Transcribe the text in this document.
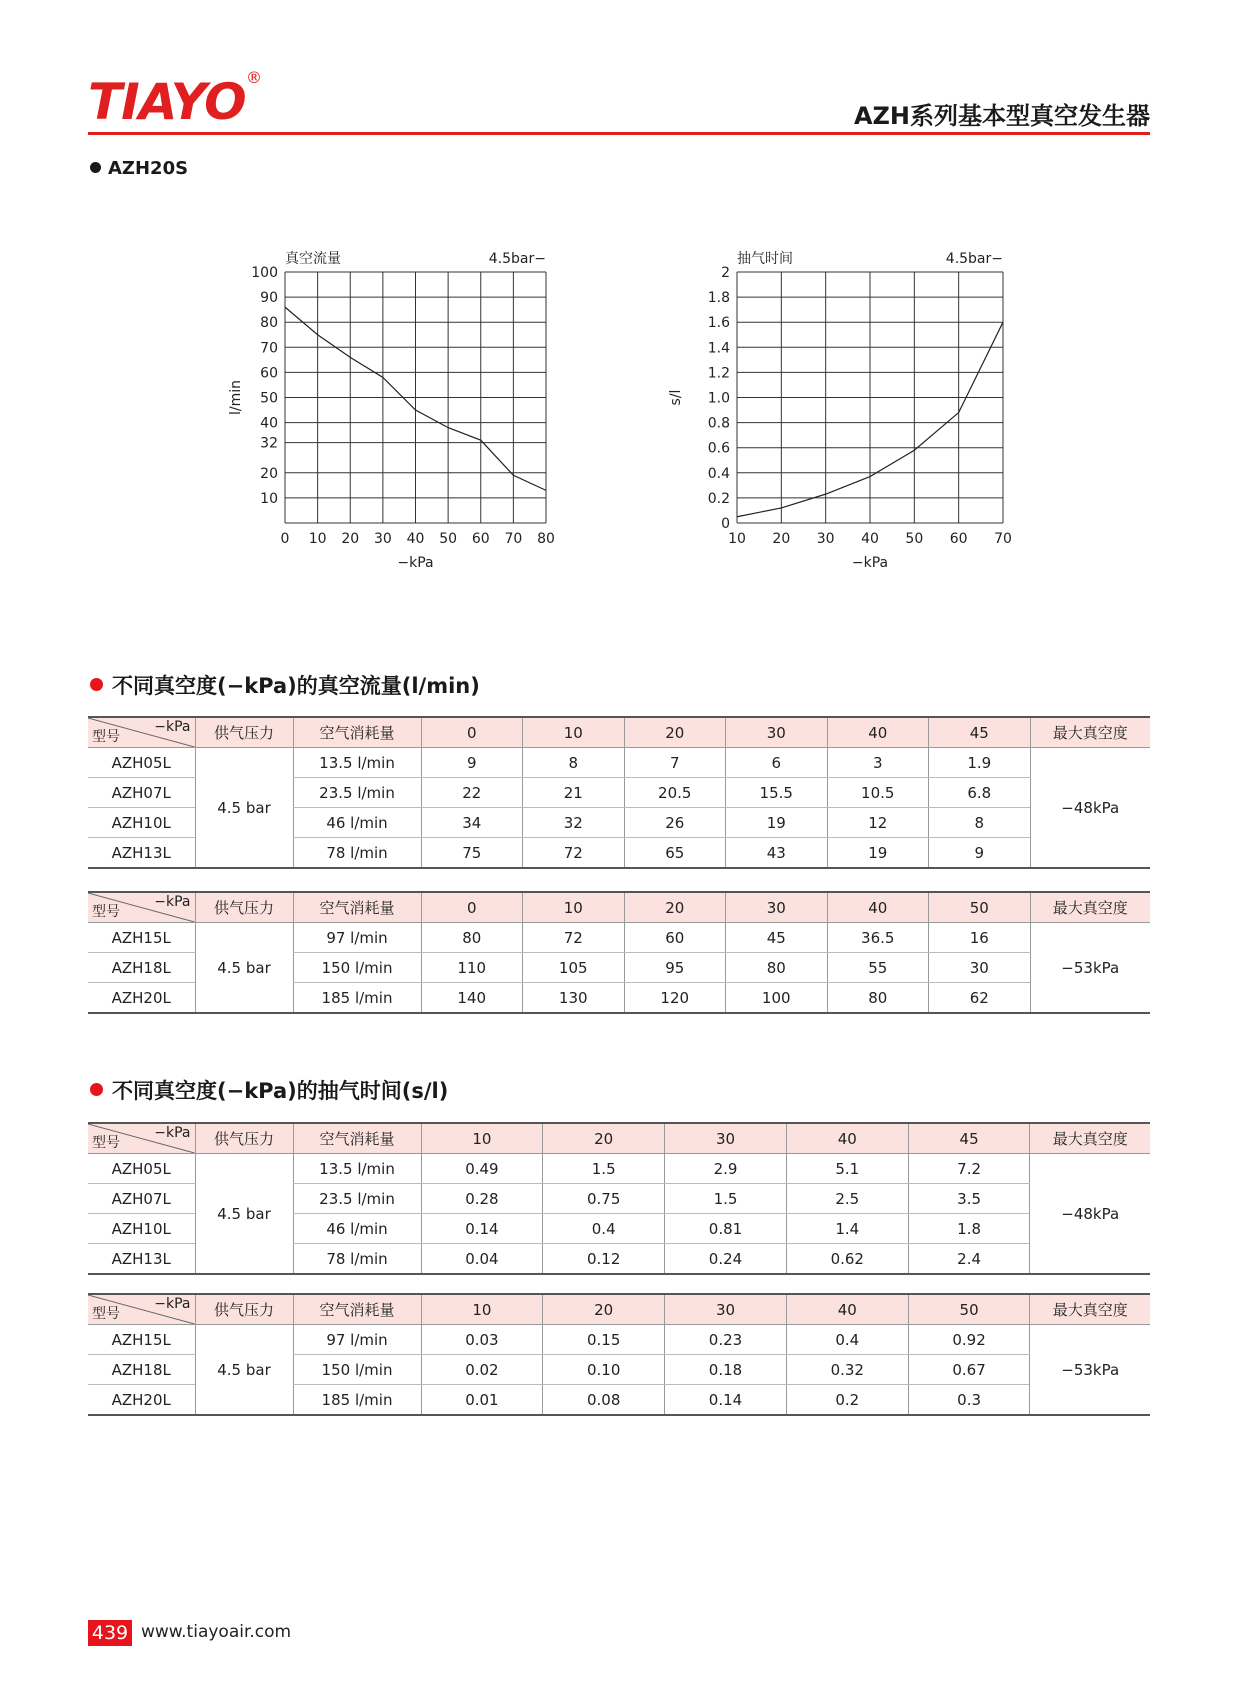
TIAYO ®
AZH系列基本型真空发生器
AZH20S
真空流量	4.5bar−
0 10 20 30 40 50 60 70 80
10
20
32
40
50
60
70
80
90
100
−kPa
l/min
抽气时间	4.5bar−
10 20 30 40 50 60 70
0
0.2
0.4
0.6
0.8
1.0
1.2
1.4
1.6
1.8
2
−kPa
s/l
不同真空度(−kPa)的真空流量(l/min)
−kPa
型号	供气压力	空气消耗量	0	10	20	30	40	45	最大真空度
AZH05L	4.5 bar	13.5 l/min	9	8	7	6	3	1.9	−48kPa
AZH07L		23.5 l/min	22	21	20.5	15.5	10.5	6.8	
AZH10L		46 l/min	34	32	26	19	12	8	
AZH13L		78 l/min	75	72	65	43	19	9	
−kPa
型号	供气压力	空气消耗量	0	10	20	30	40	50	最大真空度
AZH15L	4.5 bar	97 l/min	80	72	60	45	36.5	16	−53kPa
AZH18L		150 l/min	110	105	95	80	55	30	
AZH20L		185 l/min	140	130	120	100	80	62	
不同真空度(−kPa)的抽气时间(s/l)
−kPa
型号	供气压力	空气消耗量	10	20	30	40	45	最大真空度
AZH05L	4.5 bar	13.5 l/min	0.49	1.5	2.9	5.1	7.2	−48kPa
AZH07L		23.5 l/min	0.28	0.75	1.5	2.5	3.5	
AZH10L		46 l/min	0.14	0.4	0.81	1.4	1.8	
AZH13L		78 l/min	0.04	0.12	0.24	0.62	2.4	
−kPa
型号	供气压力	空气消耗量	10	20	30	40	50	最大真空度
AZH15L	4.5 bar	97 l/min	0.03	0.15	0.23	0.4	0.92	−53kPa
AZH18L		150 l/min	0.02	0.10	0.18	0.32	0.67	
AZH20L		185 l/min	0.01	0.08	0.14	0.2	0.3	
439 www.tiayoair.com
